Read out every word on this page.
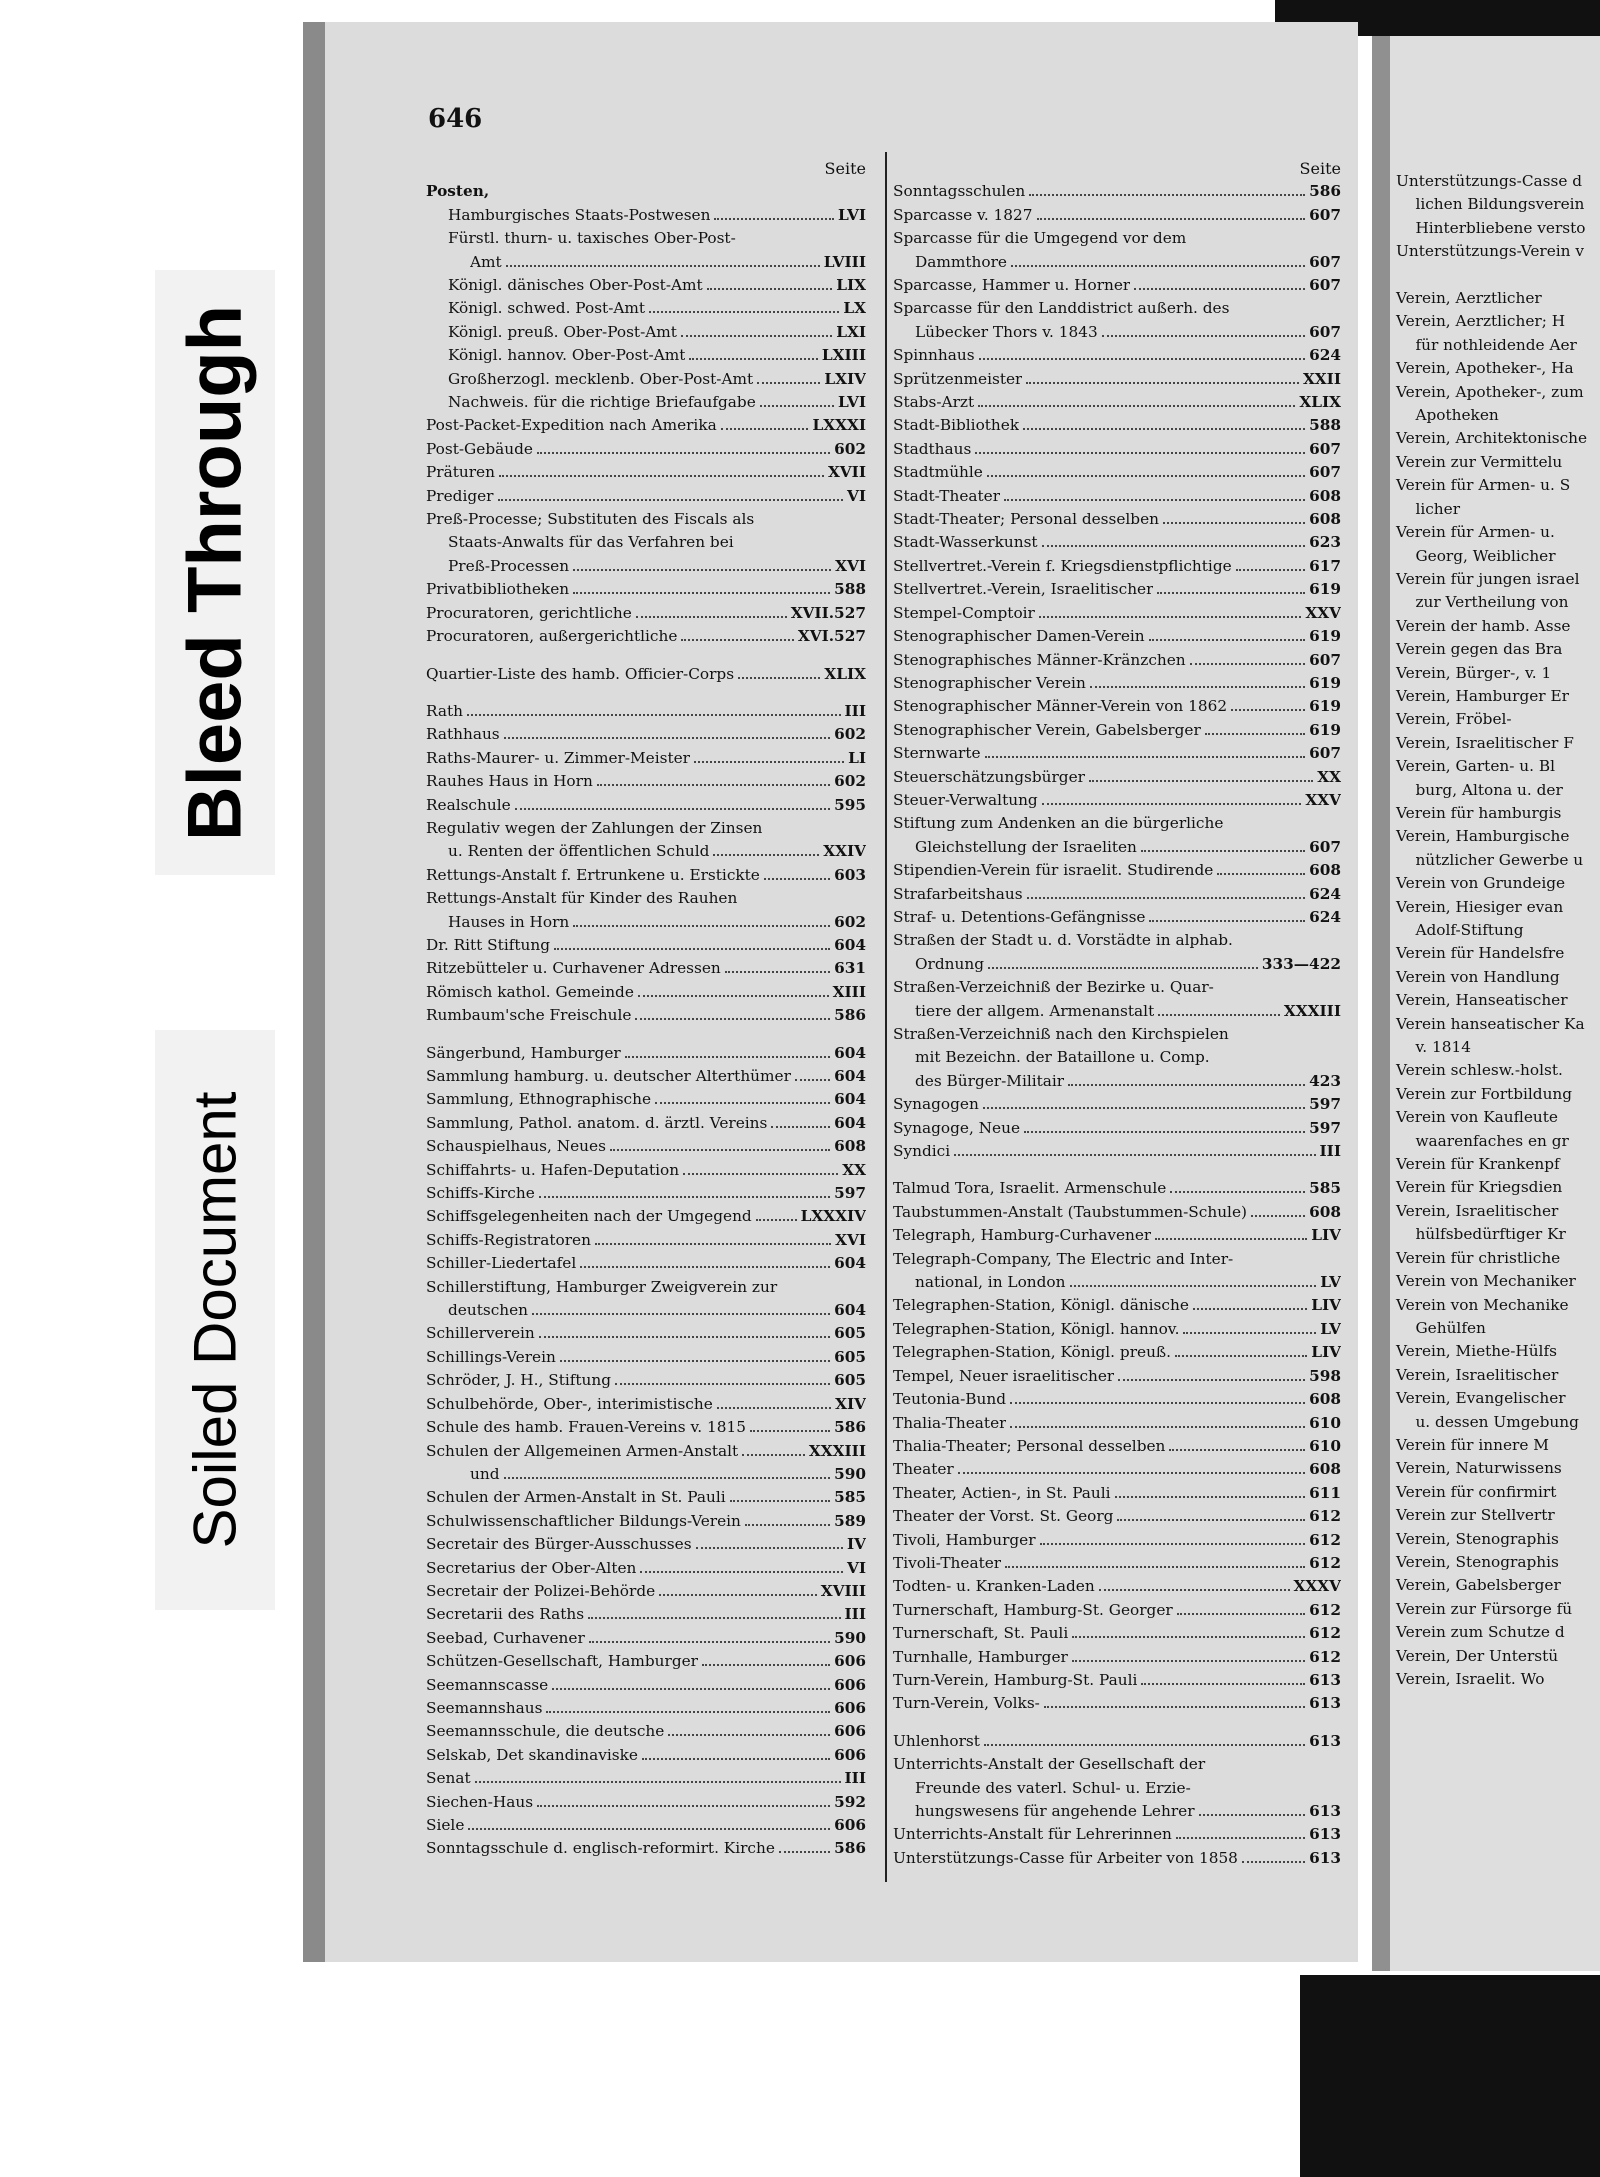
Bleed Through
Soiled Document
646
Seite
Posten,
Hamburgisches Staats-Postwesen	LVI
Fürstl. thurn- u. taxisches Ober-Post-
Amt	LVIII
Königl. dänisches Ober-Post-Amt	LIX
Königl. schwed. Post-Amt	LX
Königl. preuß. Ober-Post-Amt	LXI
Königl. hannov. Ober-Post-Amt	LXIII
Großherzogl. mecklenb. Ober-Post-Amt	LXIV
Nachweis. für die richtige Briefaufgabe	LVI
Post-Packet-Expedition nach Amerika	LXXXI
Post-Gebäude	602
Präturen	XVII
Prediger	VI
Preß-Processe; Substituten des Fiscals als
Staats-Anwalts für das Verfahren bei
Preß-Processen	XVI
Privatbibliotheken	588
Procuratoren, gerichtliche	XVII.527
Procuratoren, außergerichtliche	XVI.527
Quartier-Liste des hamb. Officier-Corps	XLIX
Rath	III
Rathhaus	602
Raths-Maurer- u. Zimmer-Meister	LI
Rauhes Haus in Horn	602
Realschule	595
Regulativ wegen der Zahlungen der Zinsen
u. Renten der öffentlichen Schuld	XXIV
Rettungs-Anstalt f. Ertrunkene u. Erstickte	603
Rettungs-Anstalt für Kinder des Rauhen
Hauses in Horn	602
Dr. Ritt Stiftung	604
Ritzebütteler u. Curhavener Adressen	631
Römisch kathol. Gemeinde	XIII
Rumbaum'sche Freischule	586
Sängerbund, Hamburger	604
Sammlung hamburg. u. deutscher Alterthümer	604
Sammlung, Ethnographische	604
Sammlung, Pathol. anatom. d. ärztl. Vereins	604
Schauspielhaus, Neues	608
Schiffahrts- u. Hafen-Deputation	XX
Schiffs-Kirche	597
Schiffsgelegenheiten nach der Umgegend	LXXXIV
Schiffs-Registratoren	XVI
Schiller-Liedertafel	604
Schillerstiftung, Hamburger Zweigverein zur
deutschen	604
Schillerverein	605
Schillings-Verein	605
Schröder, J. H., Stiftung	605
Schulbehörde, Ober-, interimistische	XIV
Schule des hamb. Frauen-Vereins v. 1815	586
Schulen der Allgemeinen Armen-Anstalt	XXXIII
und	590
Schulen der Armen-Anstalt in St. Pauli	585
Schulwissenschaftlicher Bildungs-Verein	589
Secretair des Bürger-Ausschusses	IV
Secretarius der Ober-Alten	VI
Secretair der Polizei-Behörde	XVIII
Secretarii des Raths	III
Seebad, Curhavener	590
Schützen-Gesellschaft, Hamburger	606
Seemannscasse	606
Seemannshaus	606
Seemannsschule, die deutsche	606
Selskab, Det skandinaviske	606
Senat	III
Siechen-Haus	592
Siele	606
Sonntagsschule d. englisch-reformirt. Kirche	586
Seite
Sonntagsschulen	586
Sparcasse v. 1827	607
Sparcasse für die Umgegend vor dem
Dammthore	607
Sparcasse, Hammer u. Horner	607
Sparcasse für den Landdistrict außerh. des
Lübecker Thors v. 1843	607
Spinnhaus	624
Sprützenmeister	XXII
Stabs-Arzt	XLIX
Stadt-Bibliothek	588
Stadthaus	607
Stadtmühle	607
Stadt-Theater	608
Stadt-Theater; Personal desselben	608
Stadt-Wasserkunst	623
Stellvertret.-Verein f. Kriegsdienstpflichtige	617
Stellvertret.-Verein, Israelitischer	619
Stempel-Comptoir	XXV
Stenographischer Damen-Verein	619
Stenographisches Männer-Kränzchen	607
Stenographischer Verein	619
Stenographischer Männer-Verein von 1862	619
Stenographischer Verein, Gabelsberger	619
Sternwarte	607
Steuerschätzungsbürger	XX
Steuer-Verwaltung	XXV
Stiftung zum Andenken an die bürgerliche
Gleichstellung der Israeliten	607
Stipendien-Verein für israelit. Studirende	608
Strafarbeitshaus	624
Straf- u. Detentions-Gefängnisse	624
Straßen der Stadt u. d. Vorstädte in alphab.
Ordnung	333—422
Straßen-Verzeichniß der Bezirke u. Quar-
tiere der allgem. Armenanstalt	XXXIII
Straßen-Verzeichniß nach den Kirchspielen
mit Bezeichn. der Bataillone u. Comp.
des Bürger-Militair	423
Synagogen	597
Synagoge, Neue	597
Syndici	III
Talmud Tora, Israelit. Armenschule	585
Taubstummen-Anstalt (Taubstummen-Schule)	608
Telegraph, Hamburg-Curhavener	LIV
Telegraph-Company, The Electric and Inter-
national, in London	LV
Telegraphen-Station, Königl. dänische	LIV
Telegraphen-Station, Königl. hannov.	LV
Telegraphen-Station, Königl. preuß.	LIV
Tempel, Neuer israelitischer	598
Teutonia-Bund	608
Thalia-Theater	610
Thalia-Theater; Personal desselben	610
Theater	608
Theater, Actien-, in St. Pauli	611
Theater der Vorst. St. Georg	612
Tivoli, Hamburger	612
Tivoli-Theater	612
Todten- u. Kranken-Laden	XXXV
Turnerschaft, Hamburg-St. Georger	612
Turnerschaft, St. Pauli	612
Turnhalle, Hamburger	612
Turn-Verein, Hamburg-St. Pauli	613
Turn-Verein, Volks-	613
Uhlenhorst	613
Unterrichts-Anstalt der Gesellschaft der
Freunde des vaterl. Schul- u. Erzie-
hungswesens für angehende Lehrer	613
Unterrichts-Anstalt für Lehrerinnen	613
Unterstützungs-Casse für Arbeiter von 1858	613
Unterstützungs-Casse d
lichen Bildungsverein
Hinterbliebene versto
Unterstützungs-Verein v

Verein, Aerztlicher
Verein, Aerztlicher; H
für nothleidende Aer
Verein, Apotheker-, Ha
Verein, Apotheker-, zum
Apotheken
Verein, Architektonische
Verein zur Vermittelu
Verein für Armen- u. S
licher
Verein für Armen- u.
Georg, Weiblicher
Verein für jungen israel
zur Vertheilung von
Verein der hamb. Asse
Verein gegen das Bra
Verein, Bürger-, v. 1
Verein, Hamburger Er
Verein, Fröbel-
Verein, Israelitischer F
Verein, Garten- u. Bl
burg, Altona u. der
Verein für hamburgis
Verein, Hamburgische
nützlicher Gewerbe u
Verein von Grundeige
Verein, Hiesiger evan
Adolf-Stiftung
Verein für Handelsfre
Verein von Handlung
Verein, Hanseatischer
Verein hanseatischer Ka
v. 1814
Verein schlesw.-holst.
Verein zur Fortbildung
Verein von Kaufleute
waarenfaches en gr
Verein für Krankenpf
Verein für Kriegsdien
Verein, Israelitischer
hülfsbedürftiger Kr
Verein für christliche
Verein von Mechaniker
Verein von Mechanike
Gehülfen
Verein, Miethe-Hülfs
Verein, Israelitischer
Verein, Evangelischer
u. dessen Umgebung
Verein für innere M
Verein, Naturwissens
Verein für confirmirt
Verein zur Stellvertr
Verein, Stenographis
Verein, Stenographis
Verein, Gabelsberger
Verein zur Fürsorge fü
Verein zum Schutze d
Verein, Der Unterstü
Verein, Israelit. Wo
